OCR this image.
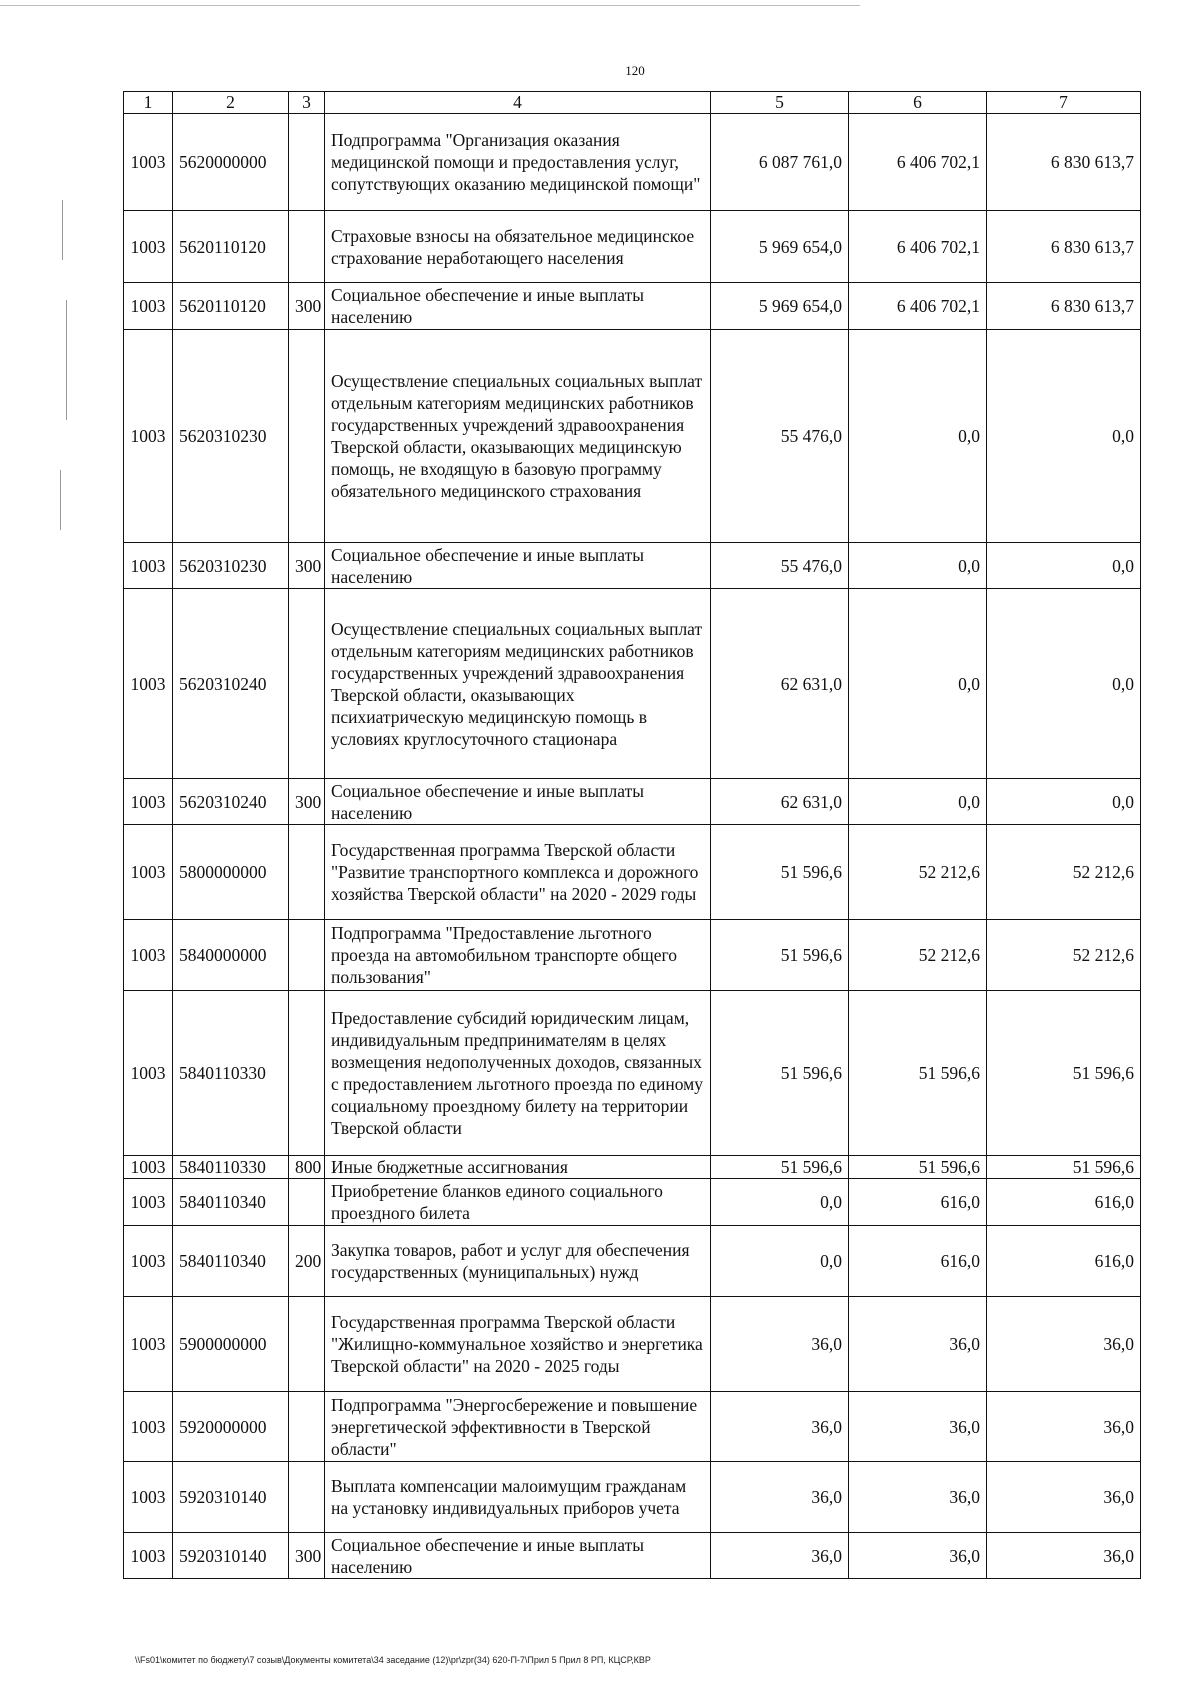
120
1	2	3	4	5	6	7
1003	5620000000		Подпрограмма "Организация оказания медицинской помощи и предоставления услуг, сопутствующих оказанию медицинской помощи"	6 087 761,0	6 406 702,1	6 830 613,7
1003	5620110120		Страховые взносы на обязательное медицинское страхование неработающего населения	5 969 654,0	6 406 702,1	6 830 613,7
1003	5620110120	300	Социальное обеспечение и иные выплаты населению	5 969 654,0	6 406 702,1	6 830 613,7
1003	5620310230		Осуществление специальных социальных выплат отдельным категориям медицинских работников государственных учреждений здравоохранения Тверской области, оказывающих медицинскую помощь, не входящую в базовую программу обязательного медицинского страхования	55 476,0	0,0	0,0
1003	5620310230	300	Социальное обеспечение и иные выплаты населению	55 476,0	0,0	0,0
1003	5620310240		Осуществление специальных социальных выплат отдельным категориям медицинских работников государственных учреждений здравоохранения Тверской области, оказывающих психиатрическую медицинскую помощь в условиях круглосуточного стационара	62 631,0	0,0	0,0
1003	5620310240	300	Социальное обеспечение и иные выплаты населению	62 631,0	0,0	0,0
1003	5800000000		Государственная программа Тверской области "Развитие транспортного комплекса и дорожного хозяйства Тверской области" на 2020 - 2029 годы	51 596,6	52 212,6	52 212,6
1003	5840000000		Подпрограмма "Предоставление льготного проезда на автомобильном транспорте общего пользования"	51 596,6	52 212,6	52 212,6
1003	5840110330		Предоставление субсидий юридическим лицам, индивидуальным предпринимателям в целях возмещения недополученных доходов, связанных с предоставлением льготного проезда по единому социальному проездному билету на территории Тверской области	51 596,6	51 596,6	51 596,6
1003	5840110330	800	Иные бюджетные ассигнования	51 596,6	51 596,6	51 596,6
1003	5840110340		Приобретение бланков единого социального проездного билета	0,0	616,0	616,0
1003	5840110340	200	Закупка товаров, работ и услуг для обеспечения государственных (муниципальных) нужд	0,0	616,0	616,0
1003	5900000000		Государственная программа Тверской области "Жилищно-коммунальное хозяйство и энергетика Тверской области" на 2020 - 2025 годы	36,0	36,0	36,0
1003	5920000000		Подпрограмма "Энергосбережение и повышение энергетической эффективности в Тверской области"	36,0	36,0	36,0
1003	5920310140		Выплата компенсации малоимущим гражданам на установку индивидуальных приборов учета	36,0	36,0	36,0
1003	5920310140	300	Социальное обеспечение и иные выплаты населению	36,0	36,0	36,0
\\Fs01\комитет по бюджету\7 созыв\Документы комитета\34 заседание (12)\pr\zpr(34) 620-П-7\Прил 5 Прил 8 РП, КЦСР,КВР
